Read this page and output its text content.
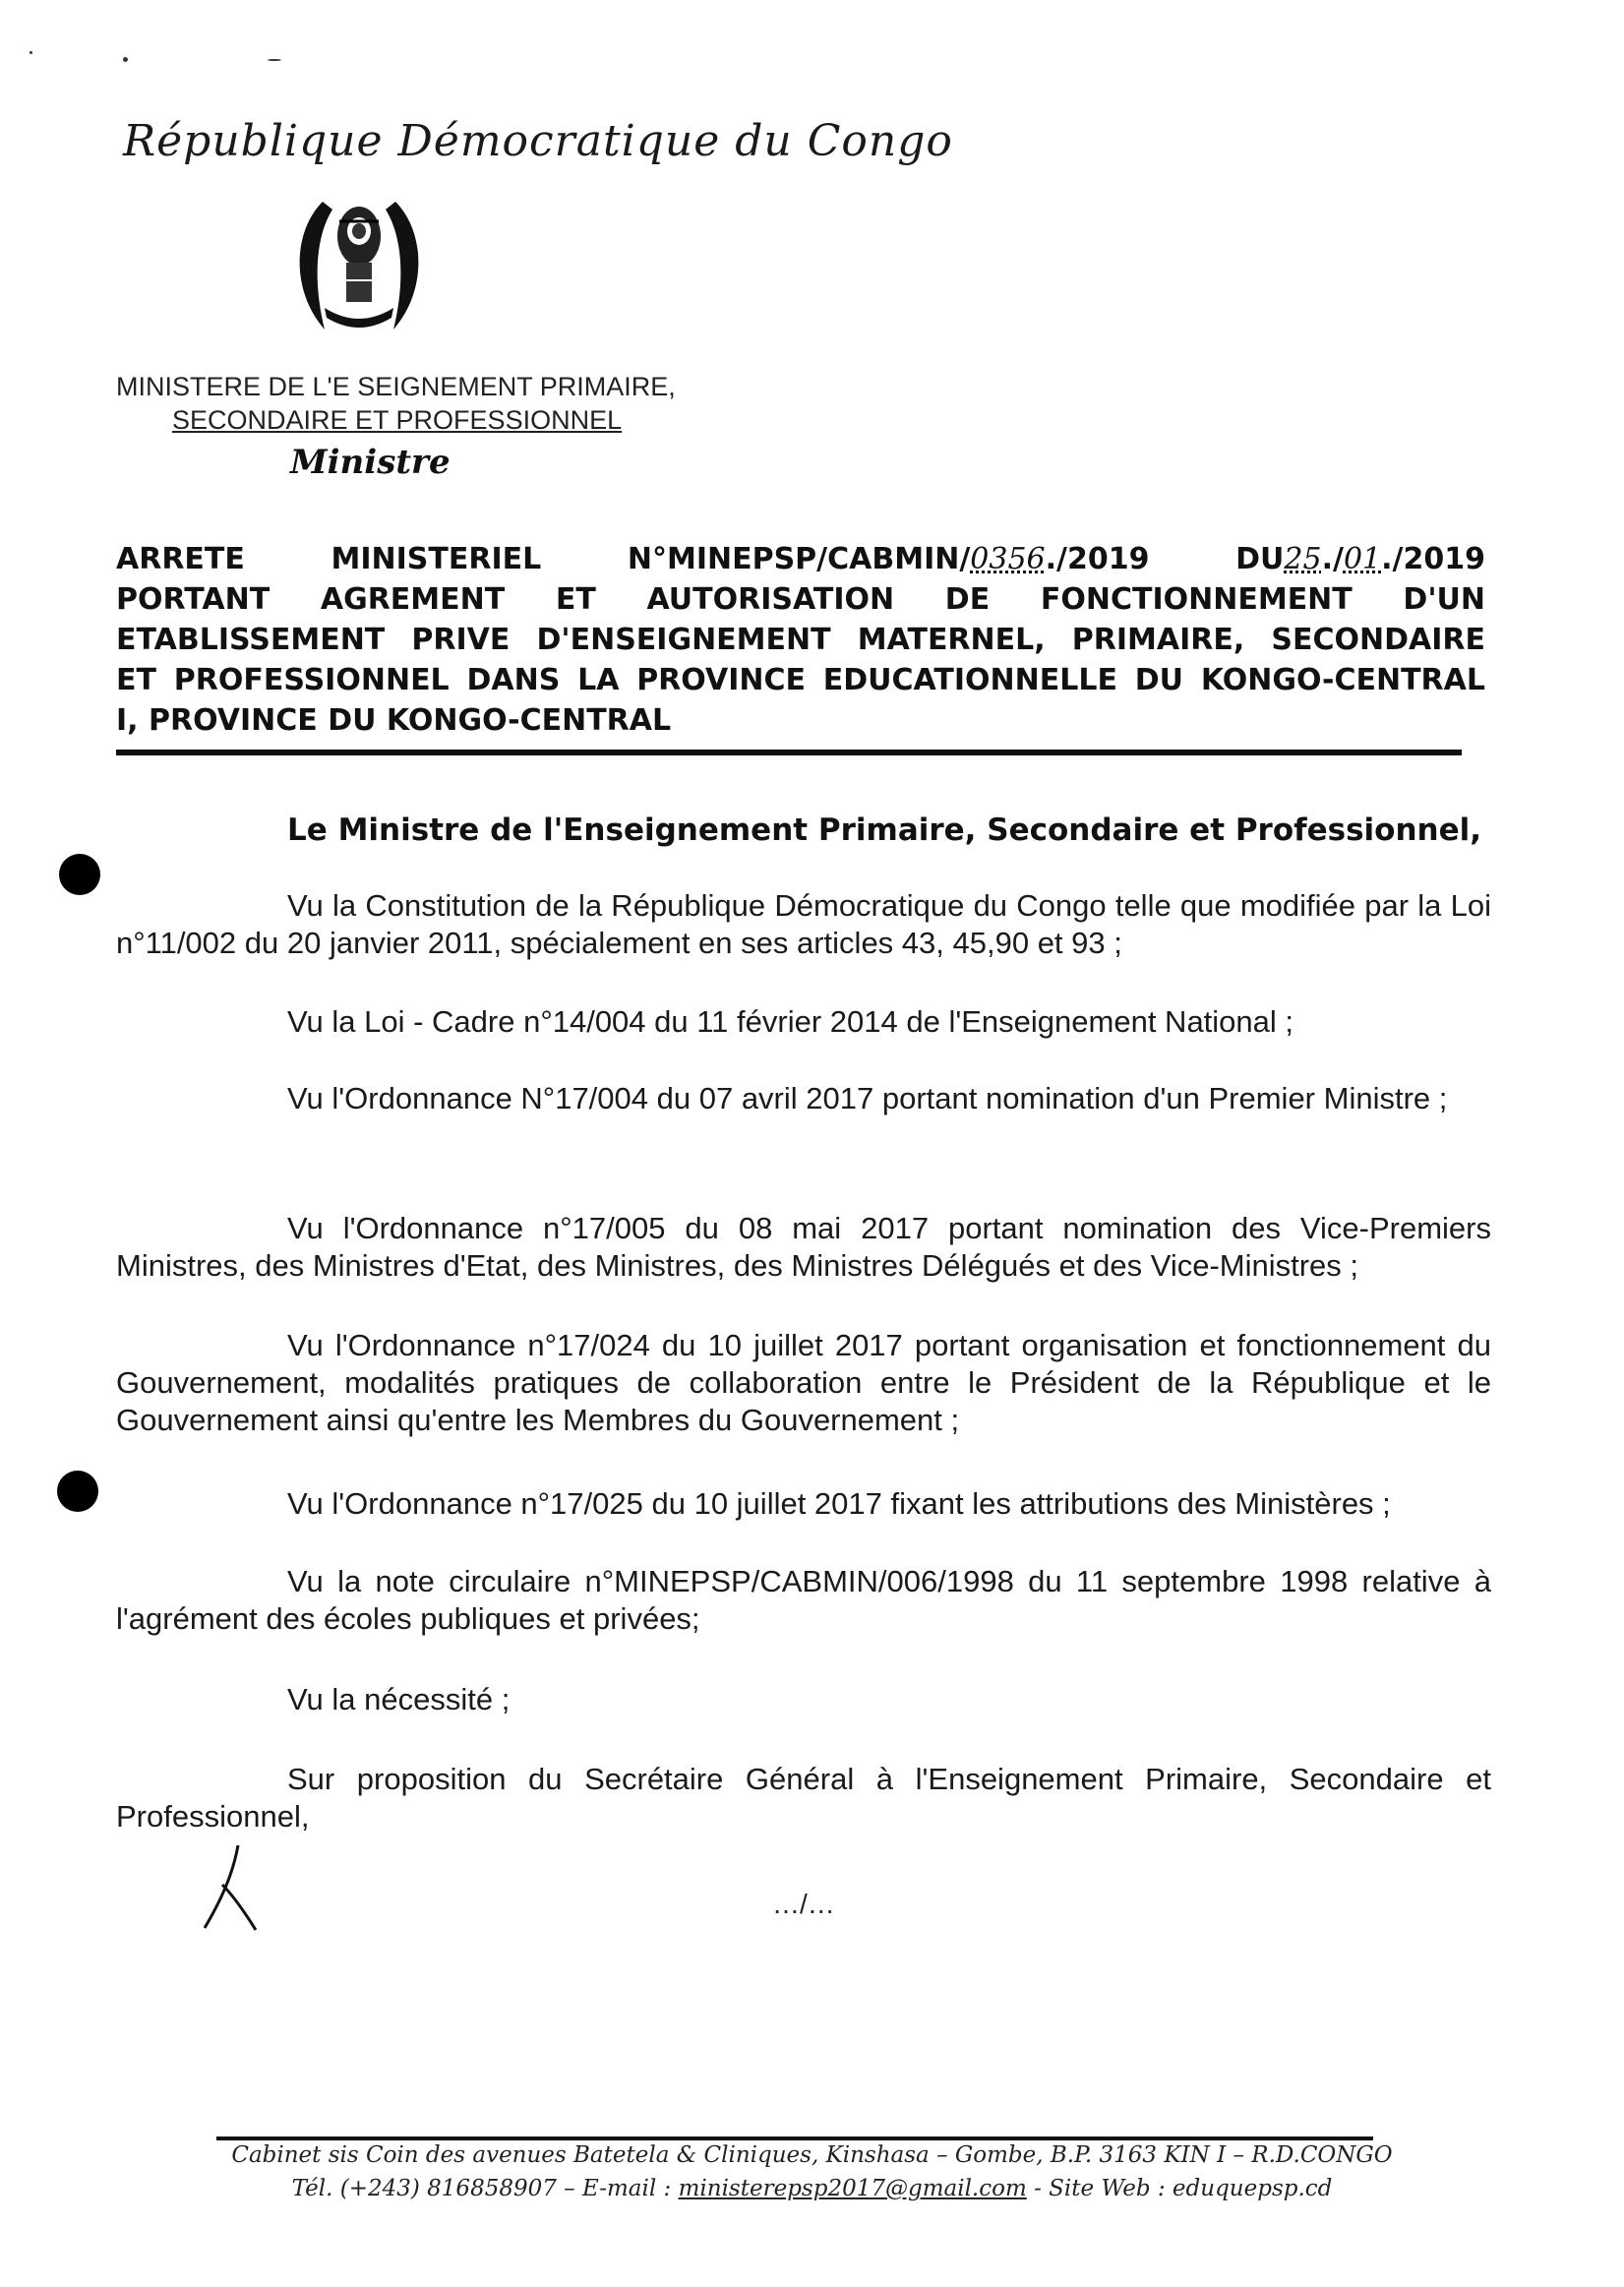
République Démocratique du Congo
MINISTERE DE L'E SEIGNEMENT PRIMAIRE,
SECONDAIRE ET PROFESSIONNEL
Ministre
ARRETE MINISTERIEL N°MINEPSP/CABMIN/0356./2019 DU25./01./2019
PORTANT AGREMENT ET AUTORISATION DE FONCTIONNEMENT D'UN
ETABLISSEMENT PRIVE D'ENSEIGNEMENT MATERNEL, PRIMAIRE, SECONDAIRE
ET PROFESSIONNEL DANS LA PROVINCE EDUCATIONNELLE DU KONGO-CENTRAL
I, PROVINCE DU KONGO-CENTRAL
Le Ministre de l'Enseignement Primaire, Secondaire et Professionnel,

Vu la Constitution de la République Démocratique du Congo telle que modifiée par la Loi n°11/002 du 20 janvier 2011, spécialement en ses articles 43, 45,90 et 93 ;

Vu la Loi - Cadre n°14/004 du 11 février 2014 de l'Enseignement National ;

Vu l'Ordonnance N°17/004 du 07 avril 2017 portant nomination d'un Premier Ministre ;

Vu l'Ordonnance n°17/005 du 08 mai 2017 portant nomination des Vice-Premiers Ministres, des Ministres d'Etat, des Ministres, des Ministres Délégués et des Vice-Ministres ;

Vu l'Ordonnance n°17/024 du 10 juillet 2017 portant organisation et fonctionnement du Gouvernement, modalités pratiques de collaboration entre le Président de la République et le Gouvernement ainsi qu'entre les Membres du Gouvernement ;

Vu l'Ordonnance n°17/025 du 10 juillet 2017 fixant les attributions des Ministères ;

Vu la note circulaire n°MINEPSP/CABMIN/006/1998 du 11 septembre 1998 relative à l'agrément des écoles publiques et privées;

Vu la nécessité ;

Sur proposition du Secrétaire Général à l'Enseignement Primaire, Secondaire et Professionnel,

…/…
Cabinet sis Coin des avenues Batetela & Cliniques, Kinshasa – Gombe, B.P. 3163 KIN I – R.D.CONGO
Tél. (+243) 816858907 – E-mail : ministerepsp2017@gmail.com - Site Web : eduquepsp.cd
